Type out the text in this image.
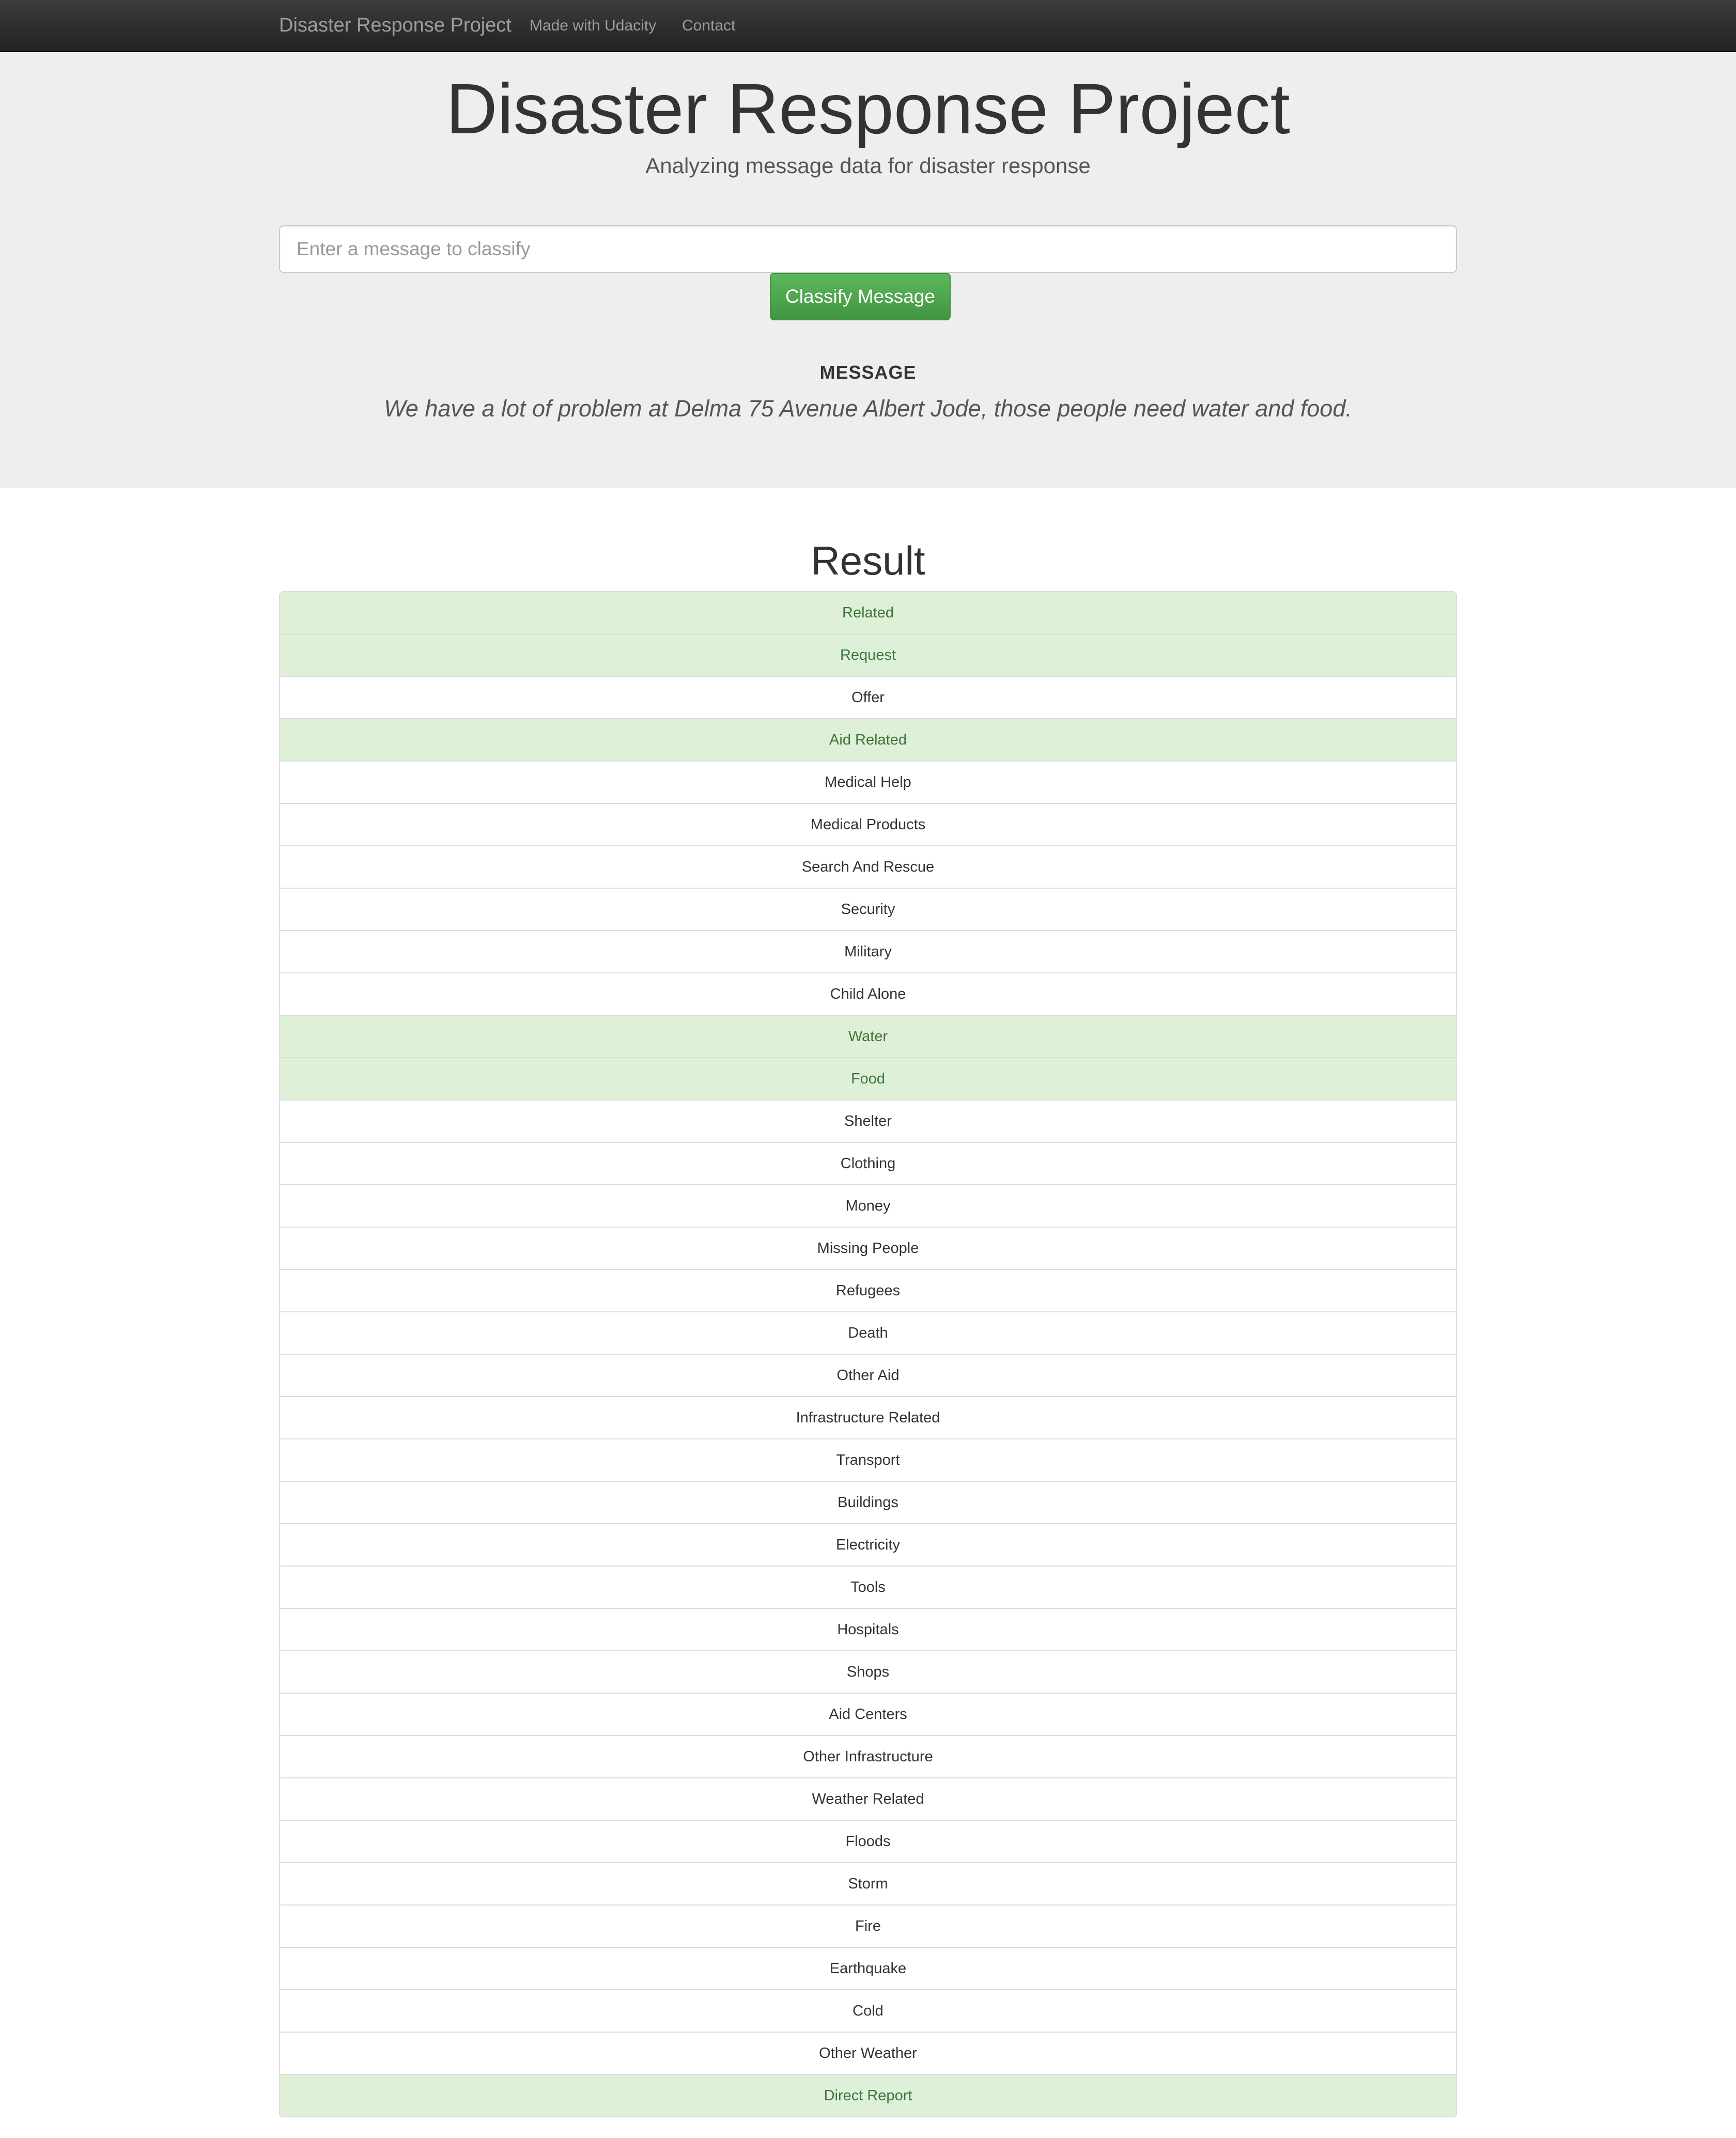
Disaster Response Project Made with Udacity Contact
Disaster Response Project

Analyzing message data for disaster response

Enter a message to classify
Classify Message
MESSAGE

We have a lot of problem at Delma 75 Avenue Albert Jode, those people need water and food.

Result
Related
Request
Offer
Aid Related
Medical Help
Medical Products
Search And Rescue
Security
Military
Child Alone
Water
Food
Shelter
Clothing
Money
Missing People
Refugees
Death
Other Aid
Infrastructure Related
Transport
Buildings
Electricity
Tools
Hospitals
Shops
Aid Centers
Other Infrastructure
Weather Related
Floods
Storm
Fire
Earthquake
Cold
Other Weather
Direct Report
